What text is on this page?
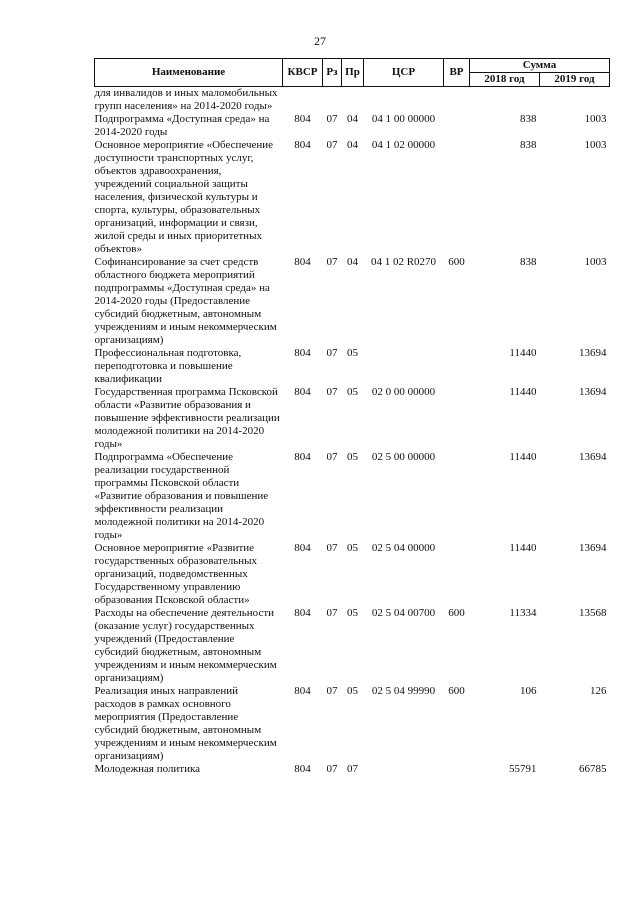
27
Наименование	КВСР	Рз	Пр	ЦСР	ВР	Сумма	
						2018 год	2019 год
для инвалидов и иных маломобильных групп населения» на 2014-2020 годы»							
Подпрограмма «Доступная среда» на 2014-2020 годы	804	07	04	04 1 00 00000		838	1003
Основное мероприятие «Обеспечение доступности транспортных услуг, объектов здравоохранения, учреждений социальной защиты населения, физической культуры и спорта, культуры, образовательных организаций, информации и связи, жилой среды и иных приоритетных объектов»	804	07	04	04 1 02 00000		838	1003
Софинансирование за счет средств областного бюджета мероприятий подпрограммы «Доступная среда» на 2014-2020 годы (Предоставление субсидий бюджетным, автономным учреждениям и иным некоммерческим организациям)	804	07	04	04 1 02 R0270	600	838	1003
Профессиональная подготовка, переподготовка и повышение квалификации	804	07	05			11440	13694
Государственная программа Псковской области «Развитие образования и повышение эффективности реализации молодежной политики на 2014-2020 годы»	804	07	05	02 0 00 00000		11440	13694
Подпрограмма «Обеспечение реализации государственной программы Псковской области «Развитие образования и повышение эффективности реализации молодежной политики на 2014-2020 годы»	804	07	05	02 5 00 00000		11440	13694
Основное мероприятие «Развитие государственных образовательных организаций, подведомственных Государственному управлению образования Псковской области»	804	07	05	02 5 04 00000		11440	13694
Расходы на обеспечение деятельности (оказание услуг) государственных учреждений (Предоставление субсидий бюджетным, автономным учреждениям и иным некоммерческим организациям)	804	07	05	02 5 04 00700	600	11334	13568
Реализация иных направлений расходов в рамках основного мероприятия (Предоставление субсидий бюджетным, автономным учреждениям и иным некоммерческим организациям)	804	07	05	02 5 04 99990	600	106	126
Молодежная политика	804	07	07			55791	66785
